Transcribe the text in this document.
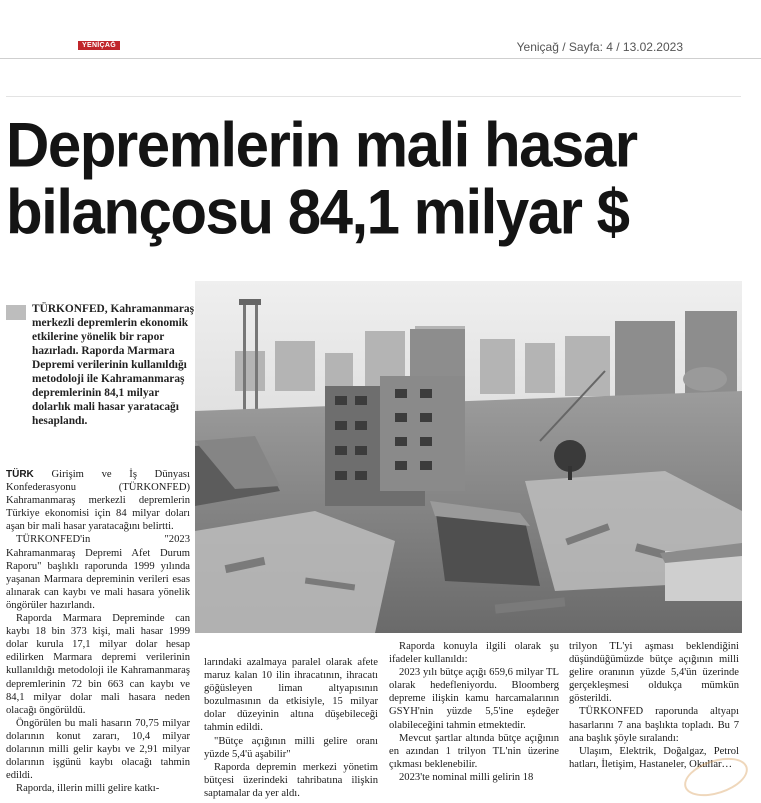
YENİÇAĞ	Yeniçağ / Sayfa: 4 / 13.02.2023
Depremlerin mali hasar
bilançosu 84,1 milyar $
TÜRKONFED, Kahramanmaraş merkezli depremlerin ekonomik etkilerine yönelik bir rapor hazırladı. Raporda Marmara Depremi verilerinin kullanıldığı metodoloji ile Kahramanmaraş depremlerinin 84,1 milyar dolarlık mali hasar yaratacağı hesaplandı.

TÜRK Girişim ve İş Dünyası Konfederasyonu (TÜRKONFED) Kahramanmaraş merkezli depremlerin Türkiye ekonomisi için 84 milyar doları aşan bir mali hasar yaratacağını belirtti.

TÜRKONFED'in "2023 Kahramanmaraş Depremi Afet Durum Raporu" başlıklı raporunda 1999 yılında yaşanan Marmara depreminin verileri esas alınarak can kaybı ve mali hasara yönelik öngörüler hazırlandı.

Raporda Marmara Depreminde can kaybı 18 bin 373 kişi, mali hasar 1999 dolar kurula 17,1 milyar dolar hesap edilirken Marmara depremi verilerinin kullanıldığı metodoloji ile Kahramanmaraş depremlerinin 72 bin 663 can kaybı ve 84,1 milyar dolar mali hasara neden olacağı öngörüldü.

Öngörülen bu mali hasarın 70,75 milyar dolarının konut zararı, 10,4 milyar dolarının milli gelir kaybı ve 2,91 milyar dolarının işgünü kaybı olacağı tahmin edildi.

Raporda, illerin milli gelire katkı-

larındaki azalmaya paralel olarak afete maruz kalan 10 ilin ihracatının, ihracatı göğüsleyen liman altyapısının bozulmasının da etkisiyle, 15 milyar dolar düzeyinin altına düşebileceği tahmin edildi.

"Bütçe açığının milli gelire oranı yüzde 5,4'ü aşabilir"

Raporda depremin merkezi yönetim bütçesi üzerindeki tahribatına ilişkin saptamalar da yer aldı.

Raporda konuyla ilgili olarak şu ifadeler kullanıldı:

2023 yılı bütçe açığı 659,6 milyar TL olarak hedefleniyordu. Bloomberg depreme ilişkin kamu harcamalarının GSYH'nin yüzde 5,5'ine eşdeğer olabileceğini tahmin etmektedir.

Mevcut şartlar altında bütçe açığının en azından 1 trilyon TL'nin üzerine çıkması beklenebilir.

2023'te nominal milli gelirin 18

trilyon TL'yi aşması beklendiğini düşündüğümüzde bütçe açığının milli gelire oranının yüzde 5,4'ün üzerinde gerçekleşmesi oldukça mümkün gösterildi.

TÜRKONFED raporunda altyapı hasarlarını 7 ana başlıkta topladı. Bu 7 ana başlık şöyle sıralandı:

Ulaşım, Elektrik, Doğalgaz, Petrol hatları, İletişim, Hastaneler, Okullar…
